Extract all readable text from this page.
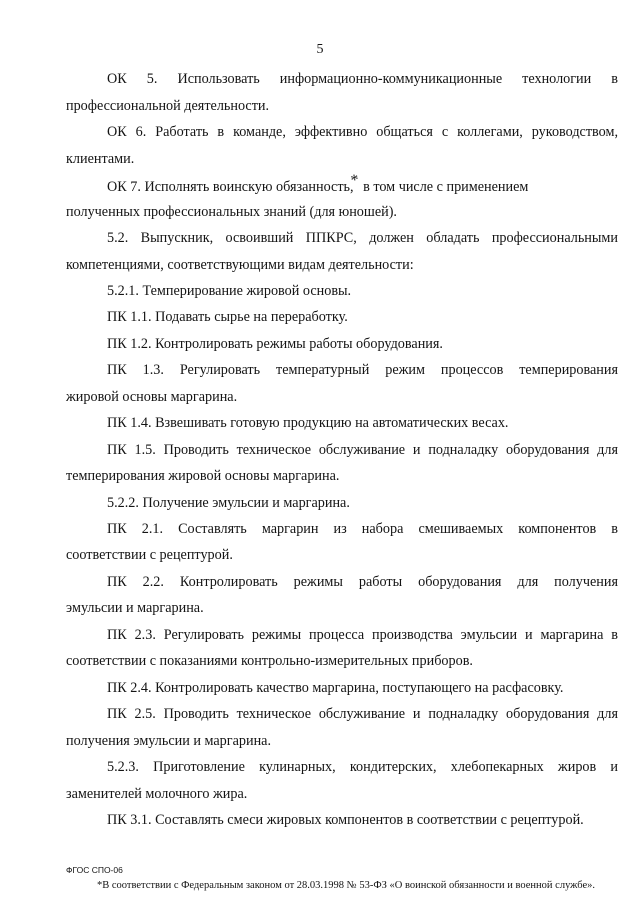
5
ОК 5. Использовать информационно-коммуникационные технологии в
профессиональной деятельности.
ОК 6. Работать в команде, эффективно общаться с коллегами, руководством,
клиентами.
ОК 7. Исполнять воинскую обязанность,* в том числе с применением
полученных профессиональных знаний (для юношей).
5.2. Выпускник, освоивший ППКРС, должен обладать профессиональными
компетенциями, соответствующими видам деятельности:
5.2.1. Темперирование жировой основы.
ПК 1.1. Подавать сырье на переработку.
ПК 1.2. Контролировать режимы работы оборудования.
ПК 1.3. Регулировать температурный режим процессов темперирования
жировой основы маргарина.
ПК 1.4. Взвешивать готовую продукцию на автоматических весах.
ПК 1.5. Проводить техническое обслуживание и подналадку оборудования для
темперирования жировой основы маргарина.
5.2.2. Получение эмульсии и маргарина.
ПК 2.1. Составлять маргарин из набора смешиваемых компонентов в
соответствии с рецептурой.
ПК 2.2. Контролировать режимы работы оборудования для получения
эмульсии и маргарина.
ПК 2.3. Регулировать режимы процесса производства эмульсии и маргарина в
соответствии с показаниями контрольно-измерительных приборов.
ПК 2.4. Контролировать качество маргарина, поступающего на расфасовку.
ПК 2.5. Проводить техническое обслуживание и подналадку оборудования для
получения эмульсии и маргарина.
5.2.3. Приготовление кулинарных, кондитерских, хлебопекарных жиров и
заменителей молочного жира.
ПК 3.1. Составлять смеси жировых компонентов в соответствии с рецептурой.
ФГОС СПО-06
*В соответствии с Федеральным законом от 28.03.1998 № 53-ФЗ «О воинской обязанности и военной службе».
